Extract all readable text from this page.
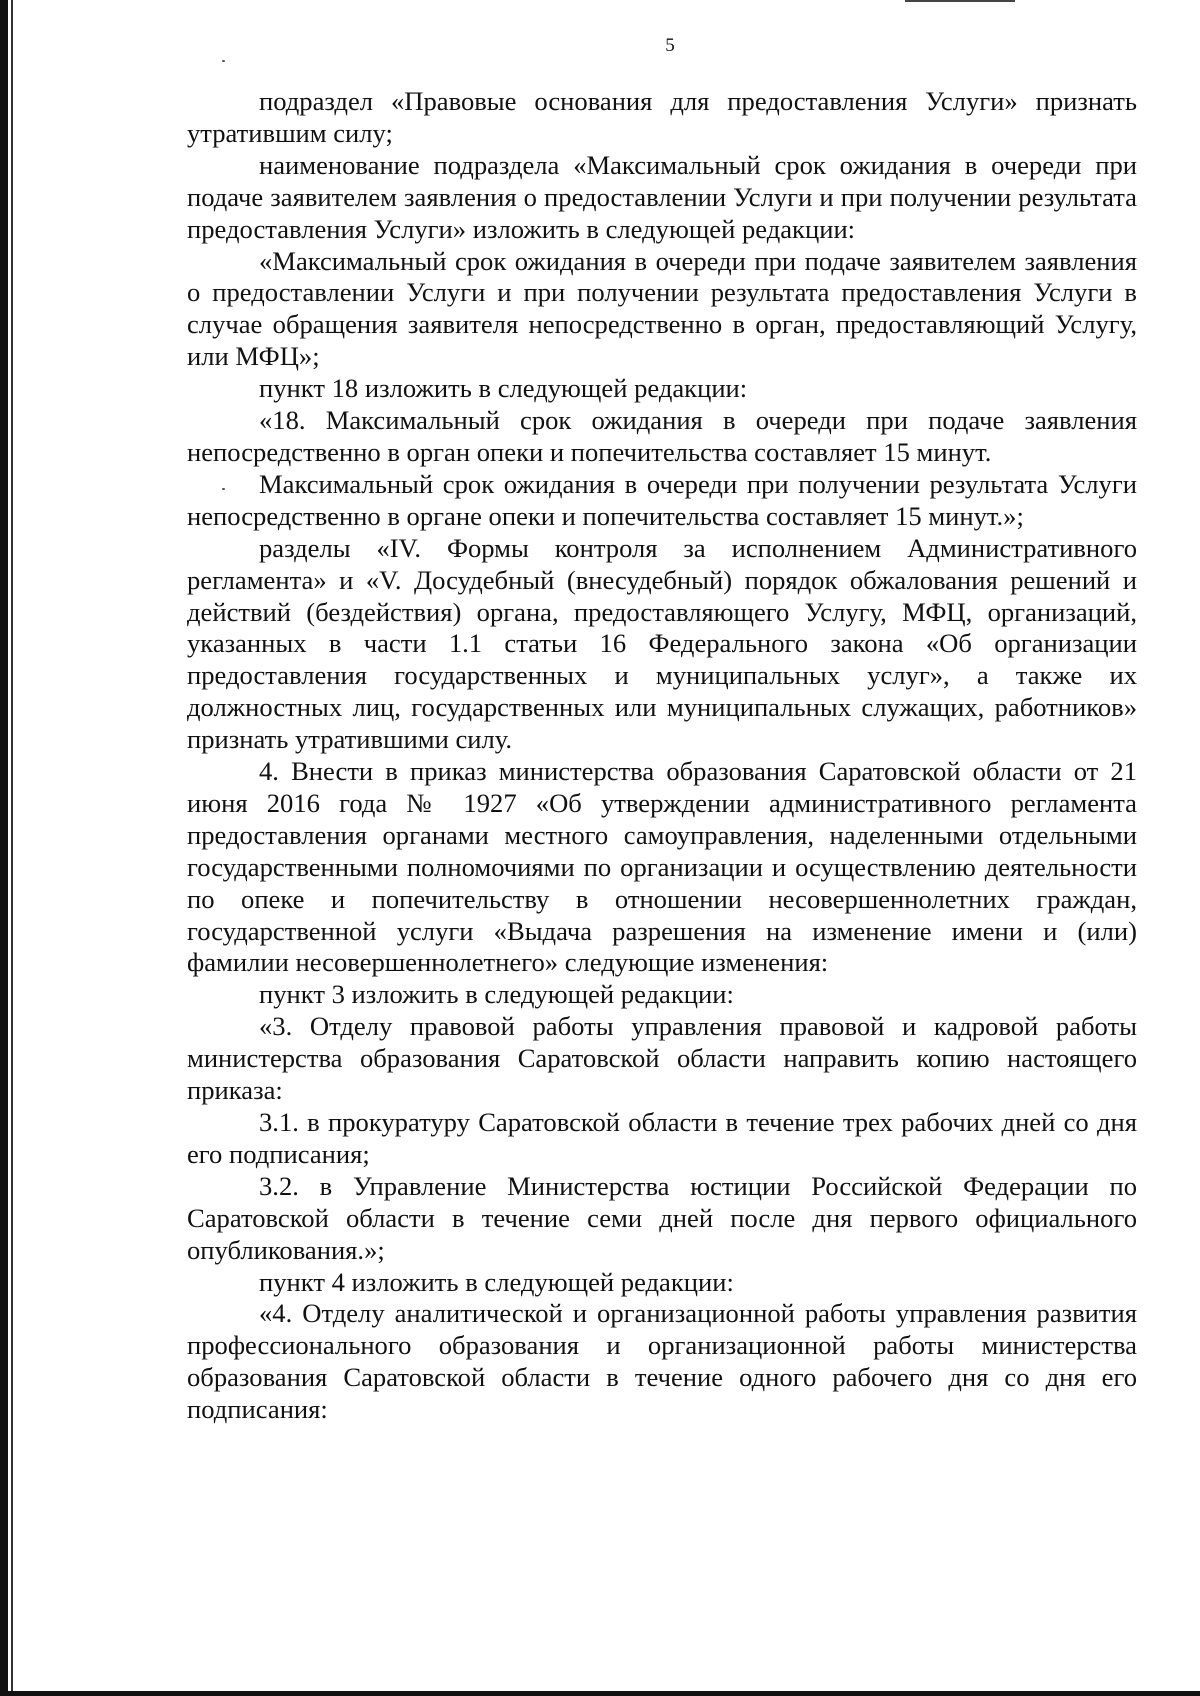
5

подраздел «Правовые основания для предоставления Услуги» признать утратившим силу;

наименование подраздела «Максимальный срок ожидания в очереди при подаче заявителем заявления о предоставлении Услуги и при получении результата предоставления Услуги» изложить в следующей редакции:

«Максимальный срок ожидания в очереди при подаче заявителем заявления о предоставлении Услуги и при получении результата предоставления Услуги в случае обращения заявителя непосредственно в орган, предоставляющий Услугу, или МФЦ»;

пункт 18 изложить в следующей редакции:

«18. Максимальный срок ожидания в очереди при подаче заявления непосредственно в орган опеки и попечительства составляет 15 минут.

Максимальный срок ожидания в очереди при получении результата Услуги непосредственно в органе опеки и попечительства составляет 15 минут.»;

разделы «IV. Формы контроля за исполнением Административного регламента» и «V. Досудебный (внесудебный) порядок обжалования решений и действий (бездействия) органа, предоставляющего Услугу, МФЦ, организаций, указанных в части 1.1 статьи 16 Федерального закона «Об организации предоставления государственных и муниципальных услуг», а также их должностных лиц, государственных или муниципальных служащих, работников» признать утратившими силу.

4. Внести в приказ министерства образования Саратовской области от 21 июня 2016 года № 1927 «Об утверждении административного регламента предоставления органами местного самоуправления, наделенными отдельными государственными полномочиями по организации и осуществлению деятельности по опеке и попечительству в отношении несовершеннолетних граждан, государственной услуги «Выдача разрешения на изменение имени и (или) фамилии несовершеннолетнего» следующие изменения:

пункт 3 изложить в следующей редакции:

«3. Отделу правовой работы управления правовой и кадровой работы министерства образования Саратовской области направить копию настоящего приказа:

3.1. в прокуратуру Саратовской области в течение трех рабочих дней со дня его подписания;

3.2. в Управление Министерства юстиции Российской Федерации по Саратовской области в течение семи дней после дня первого официального опубликования.»;

пункт 4 изложить в следующей редакции:

«4. Отделу аналитической и организационной работы управления развития профессионального образования и организационной работы министерства образования Саратовской области в течение одного рабочего дня со дня его подписания:
